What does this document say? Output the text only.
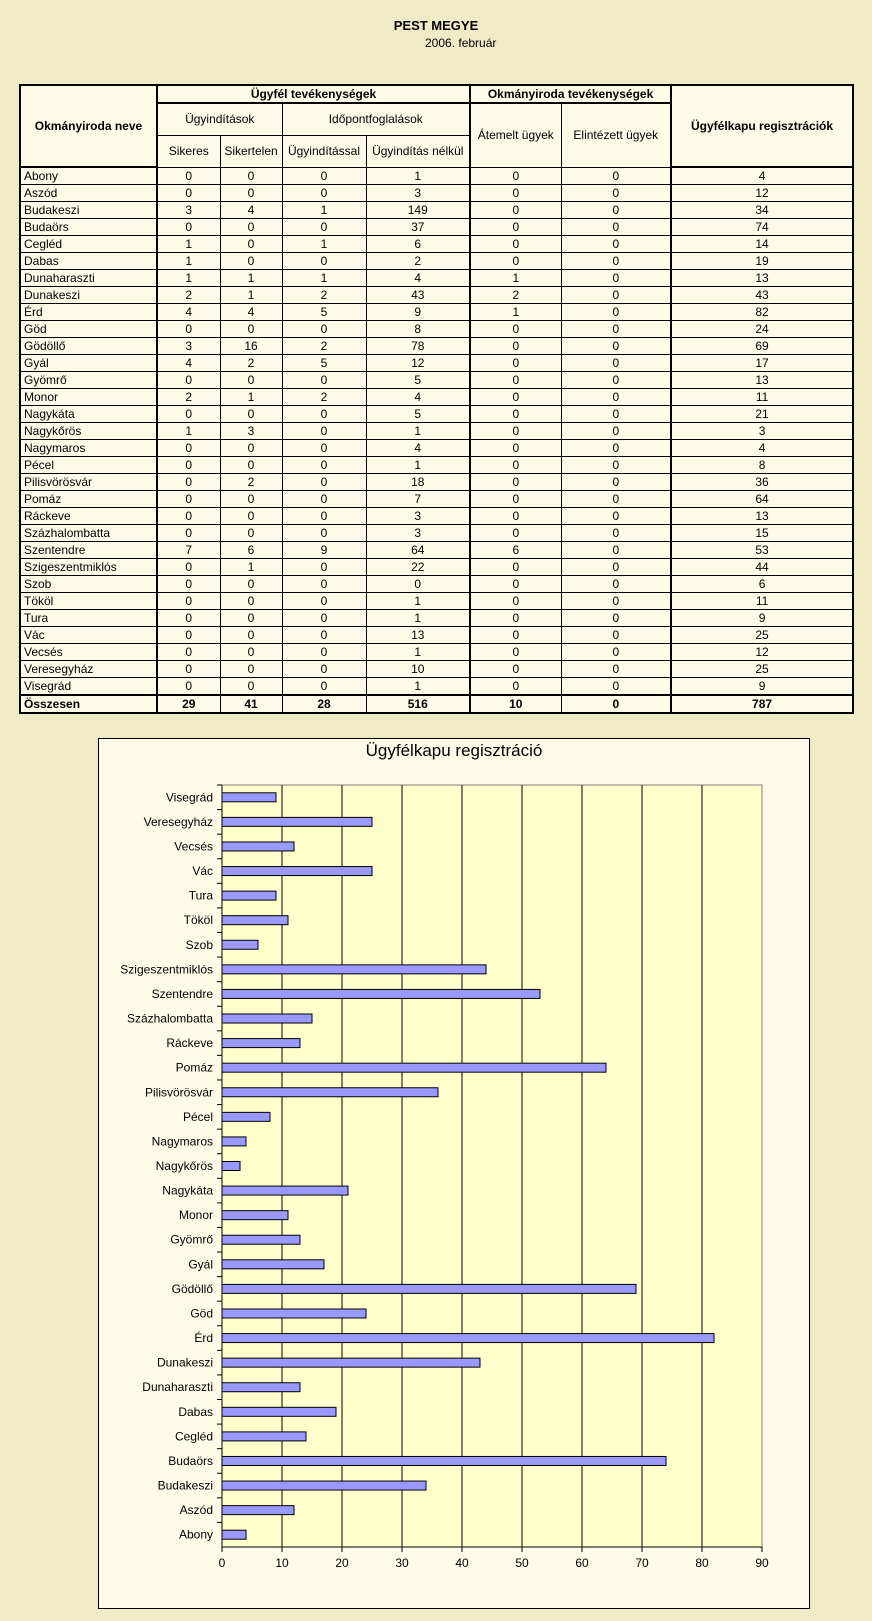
PEST MEGYE
2006. február
Okmányiroda neve	Ügyfél tevékenységek				Okmányiroda tevékenységek		Ügyfélkapu regisztrációk
	Ügyindítások		Időpontfoglalások		Átemelt ügyek	Elintézett ügyek	
	Sikeres	Sikertelen	Ügyindítással	Ügyindítás nélkül			
Abony	0	0	0	1	0	0	4
Aszód	0	0	0	3	0	0	12
Budakeszi	3	4	1	149	0	0	34
Budaörs	0	0	0	37	0	0	74
Cegléd	1	0	1	6	0	0	14
Dabas	1	0	0	2	0	0	19
Dunaharaszti	1	1	1	4	1	0	13
Dunakeszi	2	1	2	43	2	0	43
Érd	4	4	5	9	1	0	82
Göd	0	0	0	8	0	0	24
Gödöllő	3	16	2	78	0	0	69
Gyál	4	2	5	12	0	0	17
Gyömrő	0	0	0	5	0	0	13
Monor	2	1	2	4	0	0	11
Nagykáta	0	0	0	5	0	0	21
Nagykőrös	1	3	0	1	0	0	3
Nagymaros	0	0	0	4	0	0	4
Pécel	0	0	0	1	0	0	8
Pilisvörösvár	0	2	0	18	0	0	36
Pomáz	0	0	0	7	0	0	64
Ráckeve	0	0	0	3	0	0	13
Százhalombatta	0	0	0	3	0	0	15
Szentendre	7	6	9	64	6	0	53
Szigeszentmiklós	0	1	0	22	0	0	44
Szob	0	0	0	0	0	0	6
Tököl	0	0	0	1	0	0	11
Tura	0	0	0	1	0	0	9
Vác	0	0	0	13	0	0	25
Vecsés	0	0	0	1	0	0	12
Veresegyház	0	0	0	10	0	0	25
Visegrád	0	0	0	1	0	0	9
Összesen	29	41	28	516	10	0	787
Ügyfélkapu regisztráció
0	10	20	30	40	50	60	70	80	90
Visegrád
Veresegyház
Vecsés
Vác
Tura
Tököl
Szob
Szigeszentmiklós
Szentendre
Százhalombatta
Ráckeve
Pomáz
Pilisvörösvár
Pécel
Nagymaros
Nagykőrös
Nagykáta
Monor
Gyömrő
Gyál
Gödöllő
Göd
Érd
Dunakeszi
Dunaharaszti
Dabas
Cegléd
Budaörs
Budakeszi
Aszód
Abony
